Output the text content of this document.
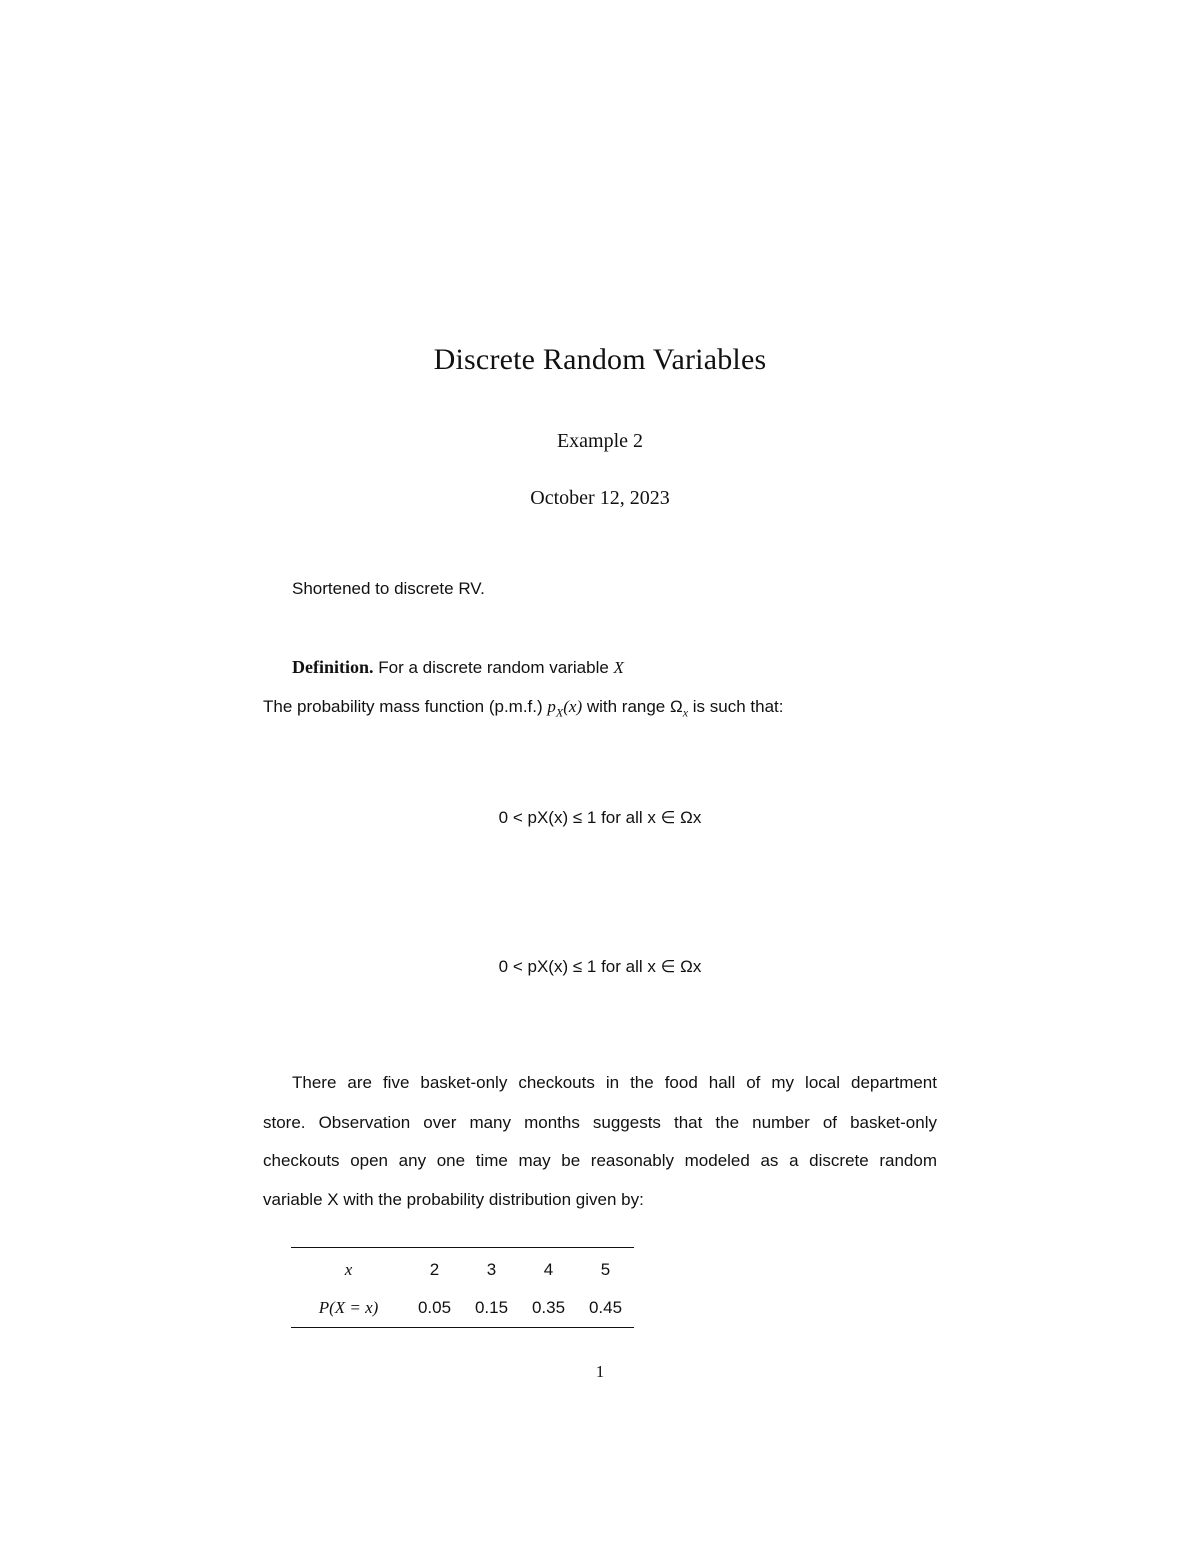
Discrete Random Variables
Example 2
October 12, 2023
Shortened to discrete RV.
Definition. For a discrete random variable X
The probability mass function (p.m.f.) $p_X(x)$ with range $\Omega_x$ is such that:
0 < pX(x) ≤ 1 for all x ∈ Ωx
0 < pX(x) ≤ 1 for all x ∈ Ωx
There are five basket-only checkouts in the food hall of my local department
store. Observation over many months suggests that the number of basket-only
checkouts open any one time may be reasonably modeled as a discrete random
variable X with the probability distribution given by:
x	2	3	4	5
P(X = x)	0.05	0.15	0.35	0.45
1
